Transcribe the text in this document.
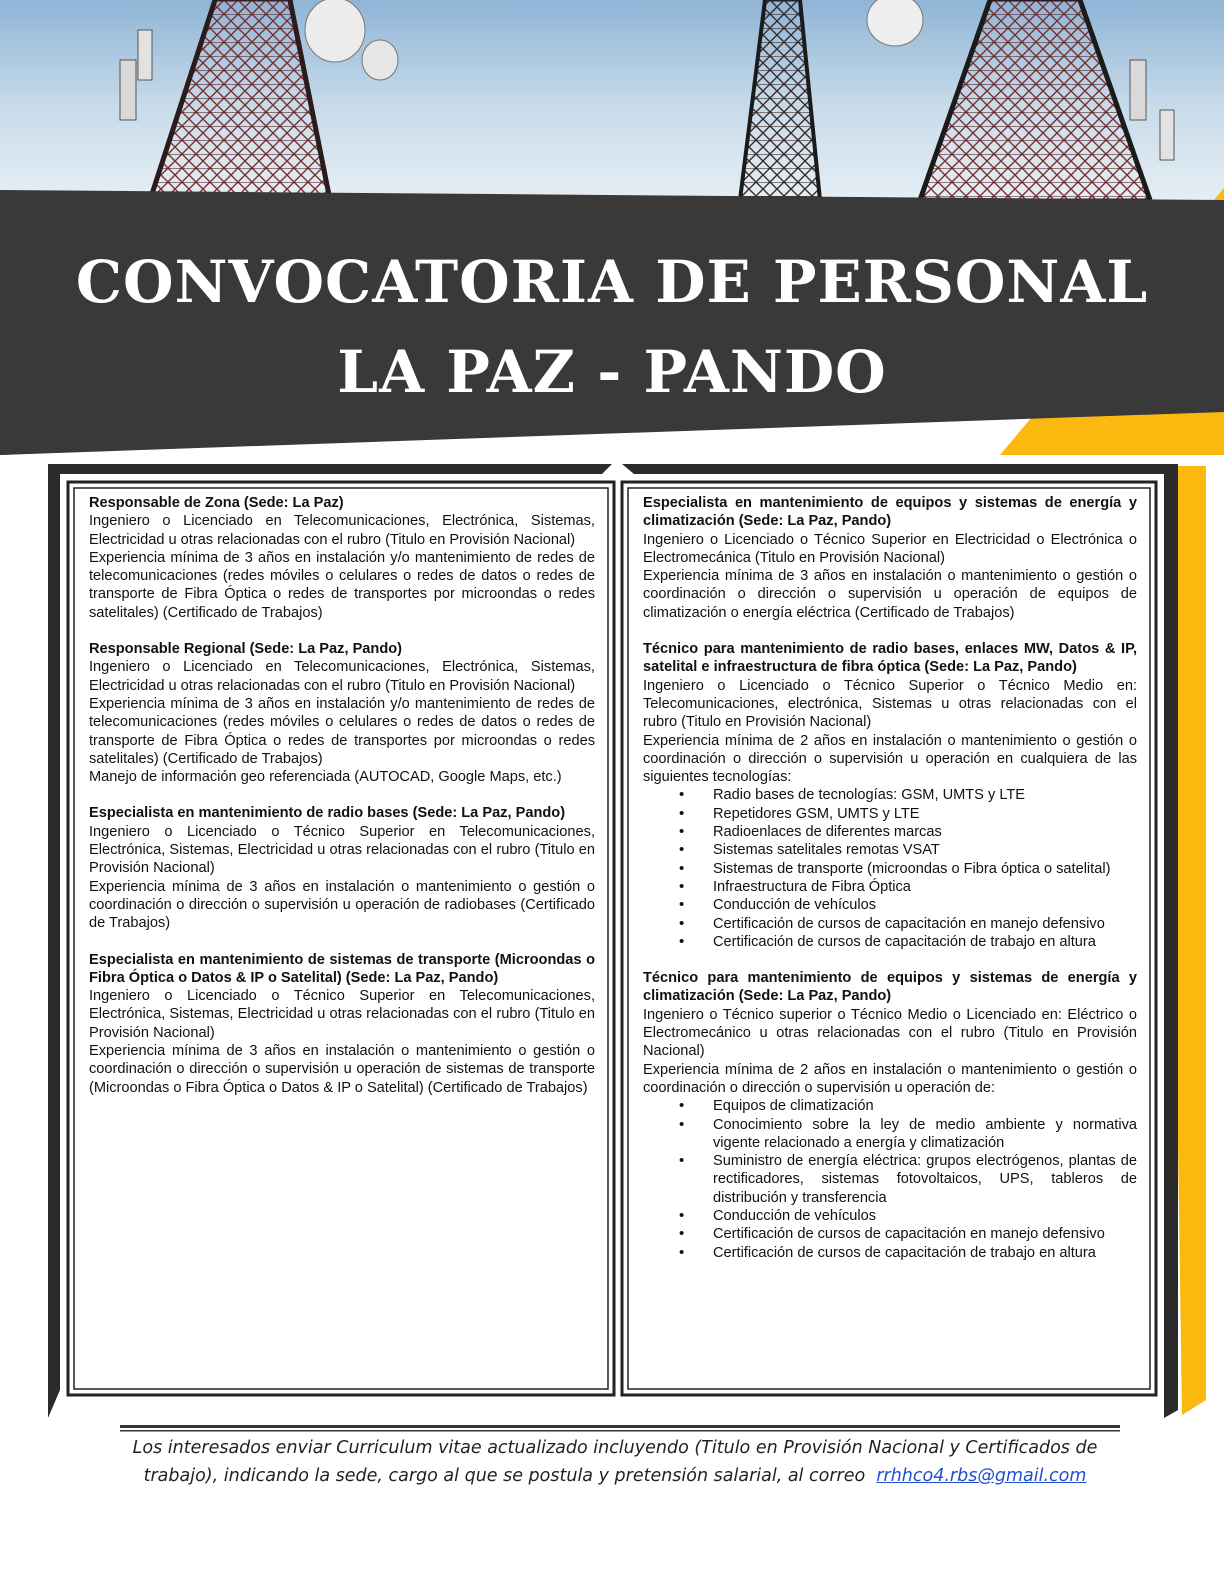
CONVOCATORIA DE PERSONAL
LA PAZ - PANDO

Responsable de Zona (Sede: La Paz)

Ingeniero o Licenciado en Telecomunicaciones, Electrónica, Sistemas, Electricidad u otras relacionadas con el rubro (Titulo en Provisión Nacional)

Experiencia mínima de 3 años en instalación y/o mantenimiento de redes de telecomunicaciones (redes móviles o celulares o redes de datos o redes de transporte de Fibra Óptica o redes de transportes por microondas o redes satelitales) (Certificado de Trabajos)

Responsable Regional (Sede: La Paz, Pando)

Ingeniero o Licenciado en Telecomunicaciones, Electrónica, Sistemas, Electricidad u otras relacionadas con el rubro (Titulo en Provisión Nacional)

Experiencia mínima de 3 años en instalación y/o mantenimiento de redes de telecomunicaciones (redes móviles o celulares o redes de datos o redes de transporte de Fibra Óptica o redes de transportes por microondas o redes satelitales) (Certificado de Trabajos)

Manejo de información geo referenciada (AUTOCAD, Google Maps, etc.)

Especialista en mantenimiento de radio bases (Sede: La Paz, Pando)

Ingeniero o Licenciado o Técnico Superior en Telecomunicaciones, Electrónica, Sistemas, Electricidad u otras relacionadas con el rubro (Titulo en Provisión Nacional)

Experiencia mínima de 3 años en instalación o mantenimiento o gestión o coordinación o dirección o supervisión u operación de radiobases (Certificado de Trabajos)

Especialista en mantenimiento de sistemas de transporte (Microondas o Fibra Óptica o Datos & IP o Satelital) (Sede: La Paz, Pando)

Ingeniero o Licenciado o Técnico Superior en Telecomunicaciones, Electrónica, Sistemas, Electricidad u otras relacionadas con el rubro (Titulo en Provisión Nacional)

Experiencia mínima de 3 años en instalación o mantenimiento o gestión o coordinación o dirección o supervisión u operación de sistemas de transporte (Microondas o Fibra Óptica o Datos & IP o Satelital) (Certificado de Trabajos)

Especialista en mantenimiento de equipos y sistemas de energía y climatización (Sede: La Paz, Pando)

Ingeniero o Licenciado o Técnico Superior en Electricidad o Electrónica o Electromecánica (Titulo en Provisión Nacional)

Experiencia mínima de 3 años en instalación o mantenimiento o gestión o coordinación o dirección o supervisión u operación de equipos de climatización o energía eléctrica (Certificado de Trabajos)

Técnico para mantenimiento de radio bases, enlaces MW, Datos & IP, satelital e infraestructura de fibra óptica (Sede: La Paz, Pando)

Ingeniero o Licenciado o Técnico Superior o Técnico Medio en: Telecomunicaciones, electrónica, Sistemas u otras relacionadas con el rubro (Titulo en Provisión Nacional)

Experiencia mínima de 2 años en instalación o mantenimiento o gestión o coordinación o dirección o supervisión u operación en cualquiera de las siguientes tecnologías:

• Radio bases de tecnologías: GSM, UMTS y LTE
• Repetidores GSM, UMTS y LTE
• Radioenlaces de diferentes marcas
• Sistemas satelitales remotas VSAT
• Sistemas de transporte (microondas o Fibra óptica o satelital)
• Infraestructura de Fibra Óptica
• Conducción de vehículos
• Certificación de cursos de capacitación en manejo defensivo
• Certificación de cursos de capacitación de trabajo en altura

Técnico para mantenimiento de equipos y sistemas de energía y climatización (Sede: La Paz, Pando)

Ingeniero o Técnico superior o Técnico Medio o Licenciado en: Eléctrico o Electromecánico u otras relacionadas con el rubro (Titulo en Provisión Nacional)

Experiencia mínima de 2 años en instalación o mantenimiento o gestión o coordinación o dirección o supervisión u operación de:

• Equipos de climatización
• Conocimiento sobre la ley de medio ambiente y normativa vigente relacionado a energía y climatización
• Suministro de energía eléctrica: grupos electrógenos, plantas de rectificadores, sistemas fotovoltaicos, UPS, tableros de distribución y transferencia
• Conducción de vehículos
• Certificación de cursos de capacitación en manejo defensivo
• Certificación de cursos de capacitación de trabajo en altura

Los interesados enviar Curriculum vitae actualizado incluyendo (Titulo en Provisión Nacional y Certificados de trabajo), indicando la sede, cargo al que se postula y pretensión salarial, al correo rrhhco4.rbs@gmail.com
